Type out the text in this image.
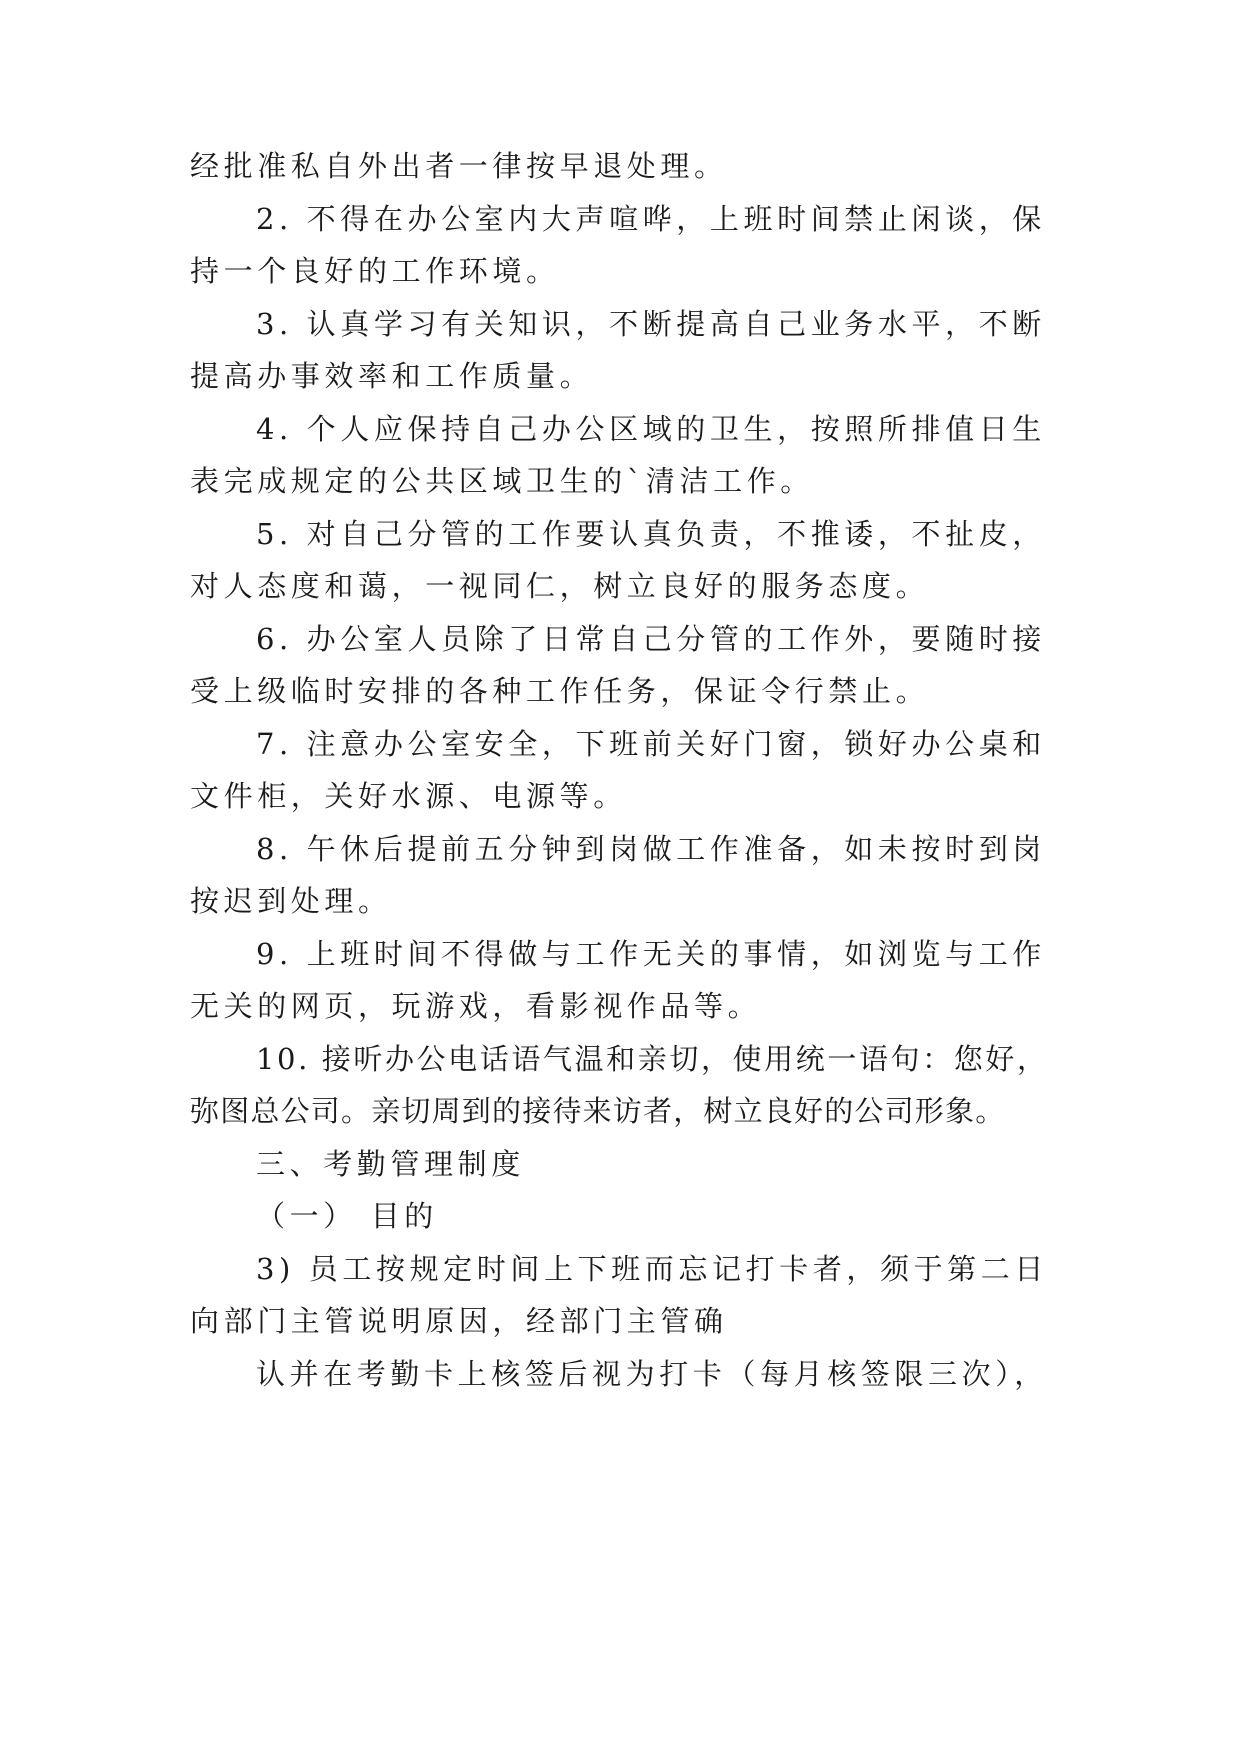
经批准私自外出者一律按早退处理。
2. 不得在办公室内大声喧哗，上班时间禁止闲谈，保
持一个良好的工作环境。
3. 认真学习有关知识，不断提高自己业务水平，不断
提高办事效率和工作质量。
4. 个人应保持自己办公区域的卫生，按照所排值日生
表完成规定的公共区域卫生的`清洁工作。
5. 对自己分管的工作要认真负责，不推诿，不扯皮，
对人态度和蔼，一视同仁，树立良好的服务态度。
6. 办公室人员除了日常自己分管的工作外，要随时接
受上级临时安排的各种工作任务，保证令行禁止。
7. 注意办公室安全，下班前关好门窗，锁好办公桌和
文件柜，关好水源、电源等。
8. 午休后提前五分钟到岗做工作准备，如未按时到岗
按迟到处理。
9. 上班时间不得做与工作无关的事情，如浏览与工作
无关的网页，玩游戏，看影视作品等。
10. 接听办公电话语气温和亲切，使用统一语句：您好，
弥图总公司。亲切周到的接待来访者，树立良好的公司形象。
三、考勤管理制度
（一） 目的
3) 员工按规定时间上下班而忘记打卡者，须于第二日
向部门主管说明原因，经部门主管确
认并在考勤卡上核签后视为打卡（每月核签限三次），
